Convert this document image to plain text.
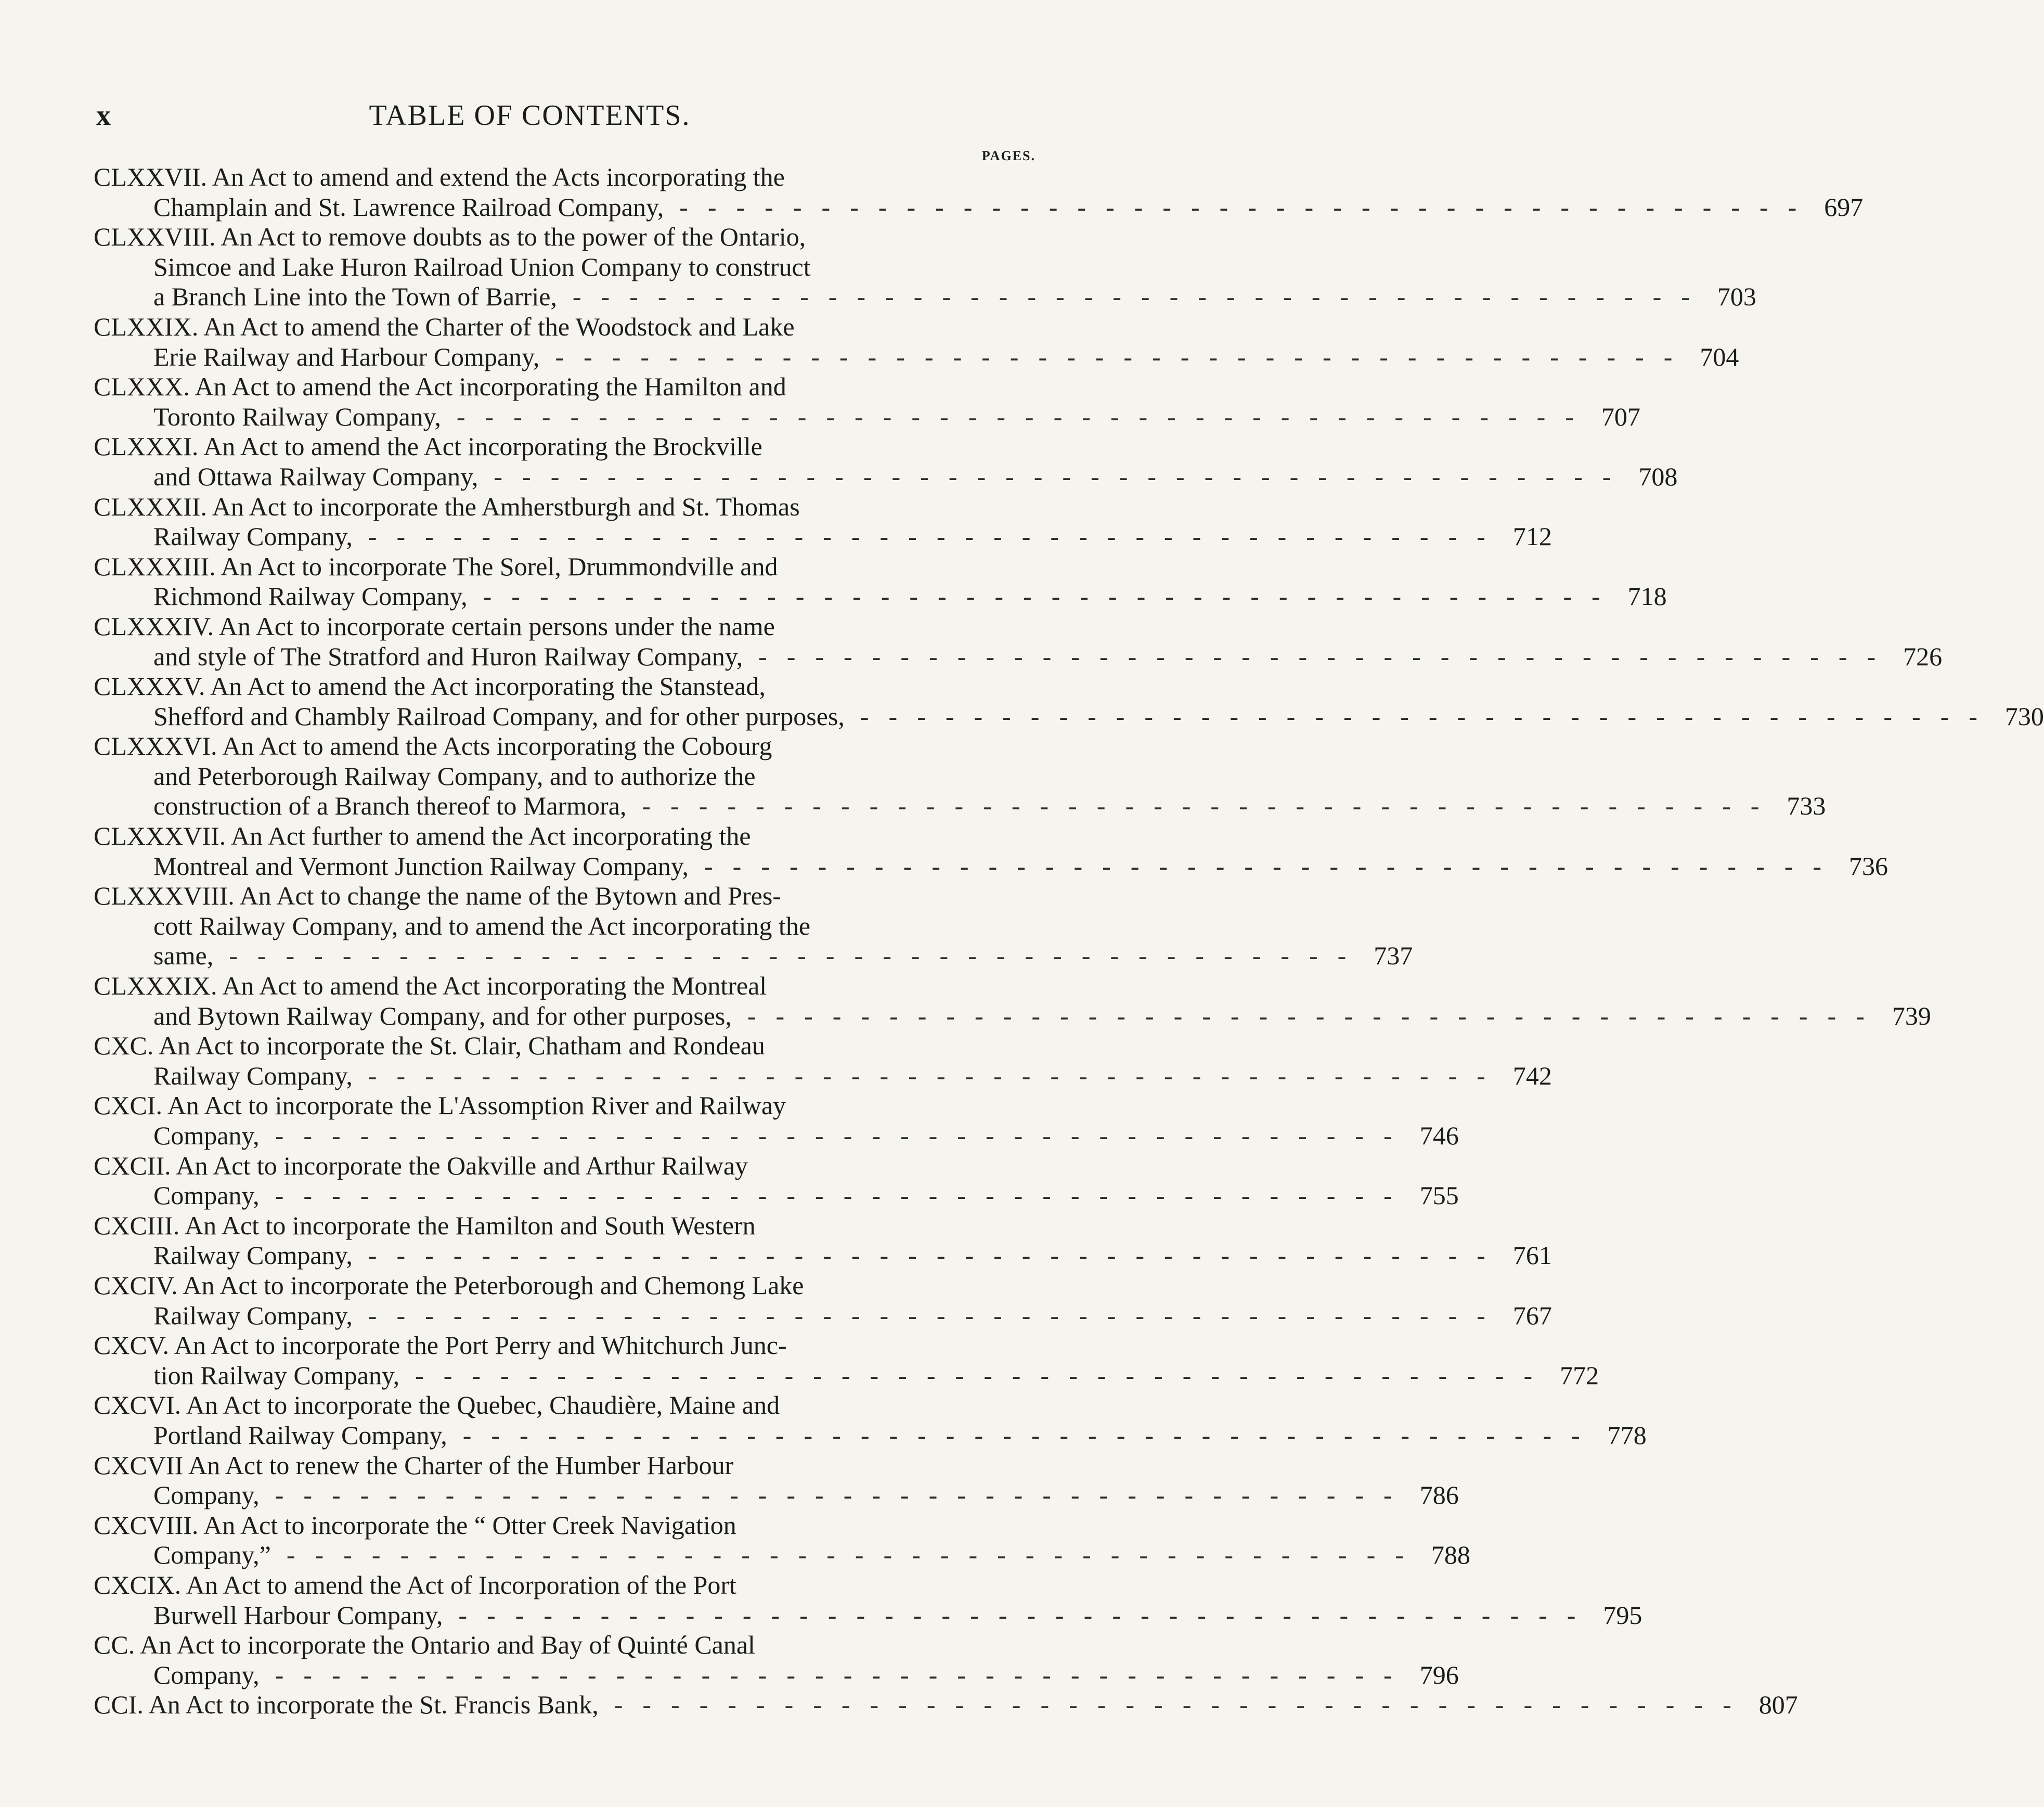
x	TABLE OF CONTENTS.
PAGES.
CLXXVII. An Act to amend and extend the Acts incorporating the
Champlain and St. Lawrence Railroad Company, ---------------------------------------- 697
CLXXVIII. An Act to remove doubts as to the power of the Ontario,
Simcoe and Lake Huron Railroad Union Company to construct
a Branch Line into the Town of Barrie, ---------------------------------------- 703
CLXXIX. An Act to amend the Charter of the Woodstock and Lake
Erie Railway and Harbour Company, ---------------------------------------- 704
CLXXX. An Act to amend the Act incorporating the Hamilton and
Toronto Railway Company, ---------------------------------------- 707
CLXXXI. An Act to amend the Act incorporating the Brockville
and Ottawa Railway Company, ---------------------------------------- 708
CLXXXII. An Act to incorporate the Amherstburgh and St. Thomas
Railway Company, ---------------------------------------- 712
CLXXXIII. An Act to incorporate The Sorel, Drummondville and
Richmond Railway Company, ---------------------------------------- 718
CLXXXIV. An Act to incorporate certain persons under the name
and style of The Stratford and Huron Railway Company, ---------------------------------------- 726
CLXXXV. An Act to amend the Act incorporating the Stanstead,
Shefford and Chambly Railroad Company, and for other purposes, ---------------------------------------- 730
CLXXXVI. An Act to amend the Acts incorporating the Cobourg
and Peterborough Railway Company, and to authorize the
construction of a Branch thereof to Marmora, ---------------------------------------- 733
CLXXXVII. An Act further to amend the Act incorporating the
Montreal and Vermont Junction Railway Company, ---------------------------------------- 736
CLXXXVIII. An Act to change the name of the Bytown and Pres-
cott Railway Company, and to amend the Act incorporating the
same, ---------------------------------------- 737
CLXXXIX. An Act to amend the Act incorporating the Montreal
and Bytown Railway Company, and for other purposes, ---------------------------------------- 739
CXC. An Act to incorporate the St. Clair, Chatham and Rondeau
Railway Company, ---------------------------------------- 742
CXCI. An Act to incorporate the L'Assomption River and Railway
Company, ---------------------------------------- 746
CXCII. An Act to incorporate the Oakville and Arthur Railway
Company, ---------------------------------------- 755
CXCIII. An Act to incorporate the Hamilton and South Western
Railway Company, ---------------------------------------- 761
CXCIV. An Act to incorporate the Peterborough and Chemong Lake
Railway Company, ---------------------------------------- 767
CXCV. An Act to incorporate the Port Perry and Whitchurch Junc-
tion Railway Company, ---------------------------------------- 772
CXCVI. An Act to incorporate the Quebec, Chaudière, Maine and
Portland Railway Company, ---------------------------------------- 778
CXCVII An Act to renew the Charter of the Humber Harbour
Company, ---------------------------------------- 786
CXCVIII. An Act to incorporate the “ Otter Creek Navigation
Company,” ---------------------------------------- 788
CXCIX. An Act to amend the Act of Incorporation of the Port
Burwell Harbour Company, ---------------------------------------- 795
CC. An Act to incorporate the Ontario and Bay of Quinté Canal
Company, ---------------------------------------- 796
CCI. An Act to incorporate the St. Francis Bank, ---------------------------------------- 807
